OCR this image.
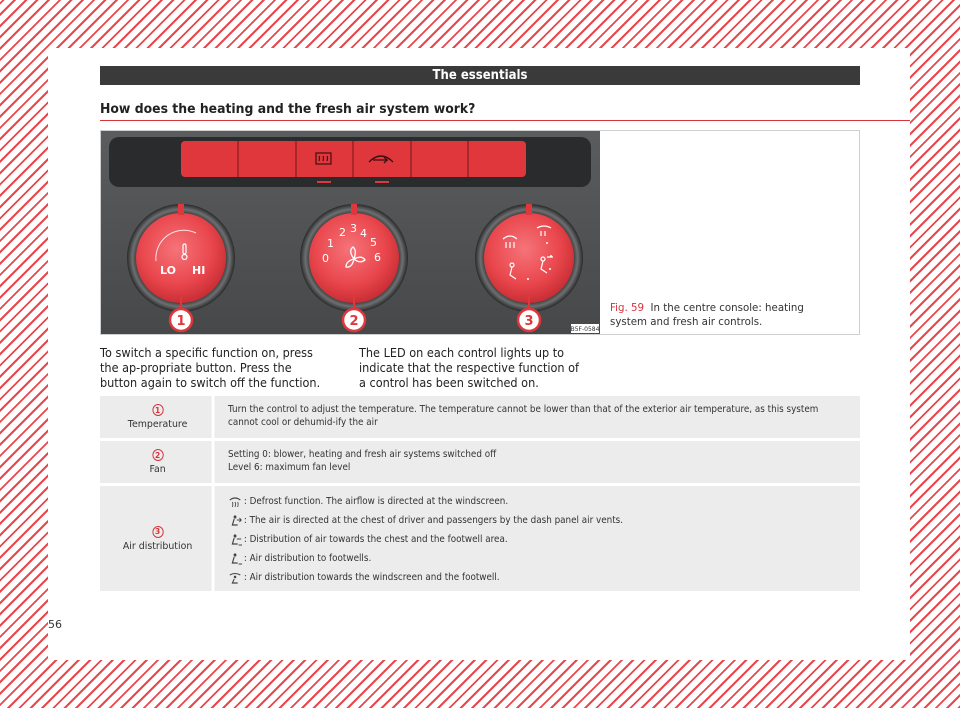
The essentials
How does the heating and the fresh air system work?
LO HI
0
1
2 3 4
5
6
1	2	3
B5F-0584
Fig. 59 In the centre console: heating system and fresh air controls.
To switch a specific function on, press the ap-propriate button. Press the button again to switch off the function.
The LED on each control lights up to indicate that the respective function of a control has been switched on.
1
Temperature
Turn the control to adjust the temperature. The temperature cannot be lower than that of the exterior air temperature, as this system cannot cool or dehumid-ify the air
2
Fan
Setting 0: blower, heating and fresh air systems switched off
Level 6: maximum fan level
3
Air distribution
: Defrost function. The airflow is directed at the windscreen.
: The air is directed at the chest of driver and passengers by the dash panel air vents.
: Distribution of air towards the chest and the footwell area.
: Air distribution to footwells.
: Air distribution towards the windscreen and the footwell.
56
